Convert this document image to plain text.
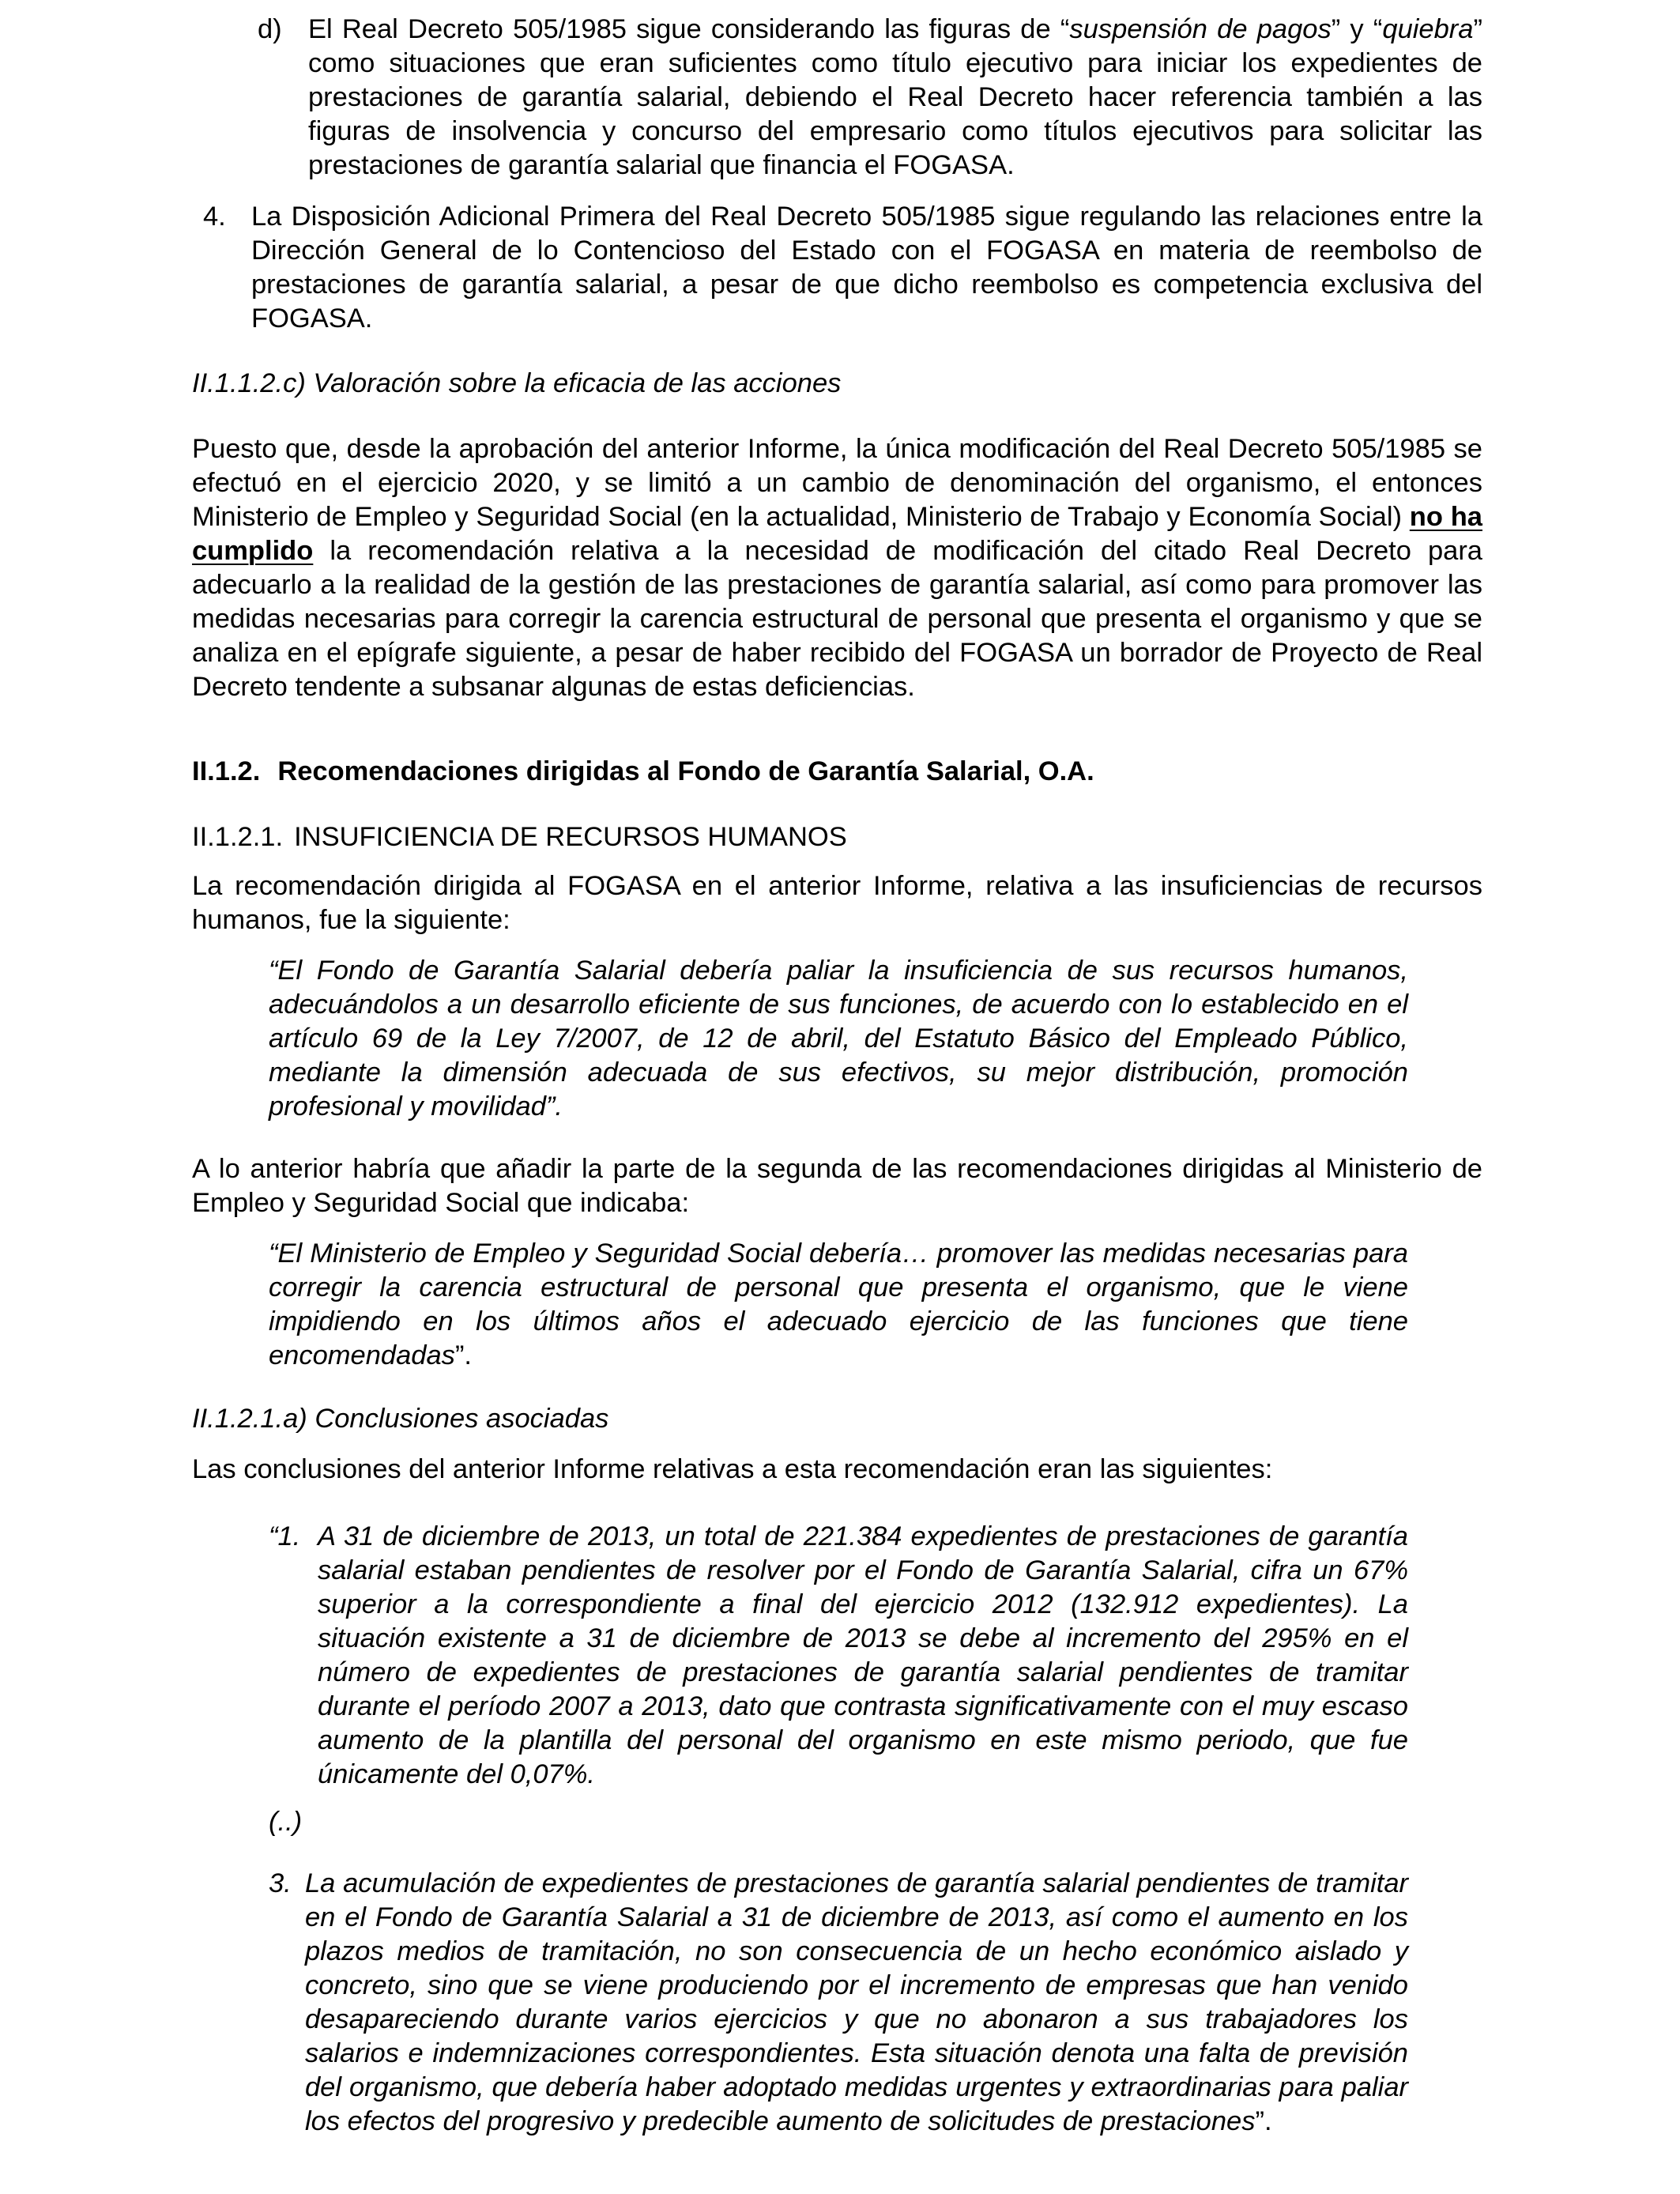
d) El Real Decreto 505/1985 sigue considerando las figuras de “suspensión de pagos” y “quiebra” como situaciones que eran suficientes como título ejecutivo para iniciar los expedientes de prestaciones de garantía salarial, debiendo el Real Decreto hacer referencia también a las figuras de insolvencia y concurso del empresario como títulos ejecutivos para solicitar las prestaciones de garantía salarial que financia el FOGASA.

4. La Disposición Adicional Primera del Real Decreto 505/1985 sigue regulando las relaciones entre la Dirección General de lo Contencioso del Estado con el FOGASA en materia de reembolso de prestaciones de garantía salarial, a pesar de que dicho reembolso es competencia exclusiva del FOGASA.

II.1.1.2.c) Valoración sobre la eficacia de las acciones

Puesto que, desde la aprobación del anterior Informe, la única modificación del Real Decreto 505/1985 se efectuó en el ejercicio 2020, y se limitó a un cambio de denominación del organismo, el entonces Ministerio de Empleo y Seguridad Social (en la actualidad, Ministerio de Trabajo y Economía Social) no ha cumplido la recomendación relativa a la necesidad de modificación del citado Real Decreto para adecuarlo a la realidad de la gestión de las prestaciones de garantía salarial, así como para promover las medidas necesarias para corregir la carencia estructural de personal que presenta el organismo y que se analiza en el epígrafe siguiente, a pesar de haber recibido del FOGASA un borrador de Proyecto de Real Decreto tendente a subsanar algunas de estas deficiencias.

II.1.2. Recomendaciones dirigidas al Fondo de Garantía Salarial, O.A.

II.1.2.1. INSUFICIENCIA DE RECURSOS HUMANOS

La recomendación dirigida al FOGASA en el anterior Informe, relativa a las insuficiencias de recursos humanos, fue la siguiente:

“El Fondo de Garantía Salarial debería paliar la insuficiencia de sus recursos humanos, adecuándolos a un desarrollo eficiente de sus funciones, de acuerdo con lo establecido en el artículo 69 de la Ley 7/2007, de 12 de abril, del Estatuto Básico del Empleado Público, mediante la dimensión adecuada de sus efectivos, su mejor distribución, promoción profesional y movilidad”.

A lo anterior habría que añadir la parte de la segunda de las recomendaciones dirigidas al Ministerio de Empleo y Seguridad Social que indicaba:

“El Ministerio de Empleo y Seguridad Social debería… promover las medidas necesarias para corregir la carencia estructural de personal que presenta el organismo, que le viene impidiendo en los últimos años el adecuado ejercicio de las funciones que tiene encomendadas”.

II.1.2.1.a) Conclusiones asociadas

Las conclusiones del anterior Informe relativas a esta recomendación eran las siguientes:

“1. A 31 de diciembre de 2013, un total de 221.384 expedientes de prestaciones de garantía salarial estaban pendientes de resolver por el Fondo de Garantía Salarial, cifra un 67% superior a la correspondiente a final del ejercicio 2012 (132.912 expedientes). La situación existente a 31 de diciembre de 2013 se debe al incremento del 295% en el número de expedientes de prestaciones de garantía salarial pendientes de tramitar durante el período 2007 a 2013, dato que contrasta significativamente con el muy escaso aumento de la plantilla del personal del organismo en este mismo periodo, que fue únicamente del 0,07%.

(..)

3. La acumulación de expedientes de prestaciones de garantía salarial pendientes de tramitar en el Fondo de Garantía Salarial a 31 de diciembre de 2013, así como el aumento en los plazos medios de tramitación, no son consecuencia de un hecho económico aislado y concreto, sino que se viene produciendo por el incremento de empresas que han venido desapareciendo durante varios ejercicios y que no abonaron a sus trabajadores los salarios e indemnizaciones correspondientes. Esta situación denota una falta de previsión del organismo, que debería haber adoptado medidas urgentes y extraordinarias para paliar los efectos del progresivo y predecible aumento de solicitudes de prestaciones”.
